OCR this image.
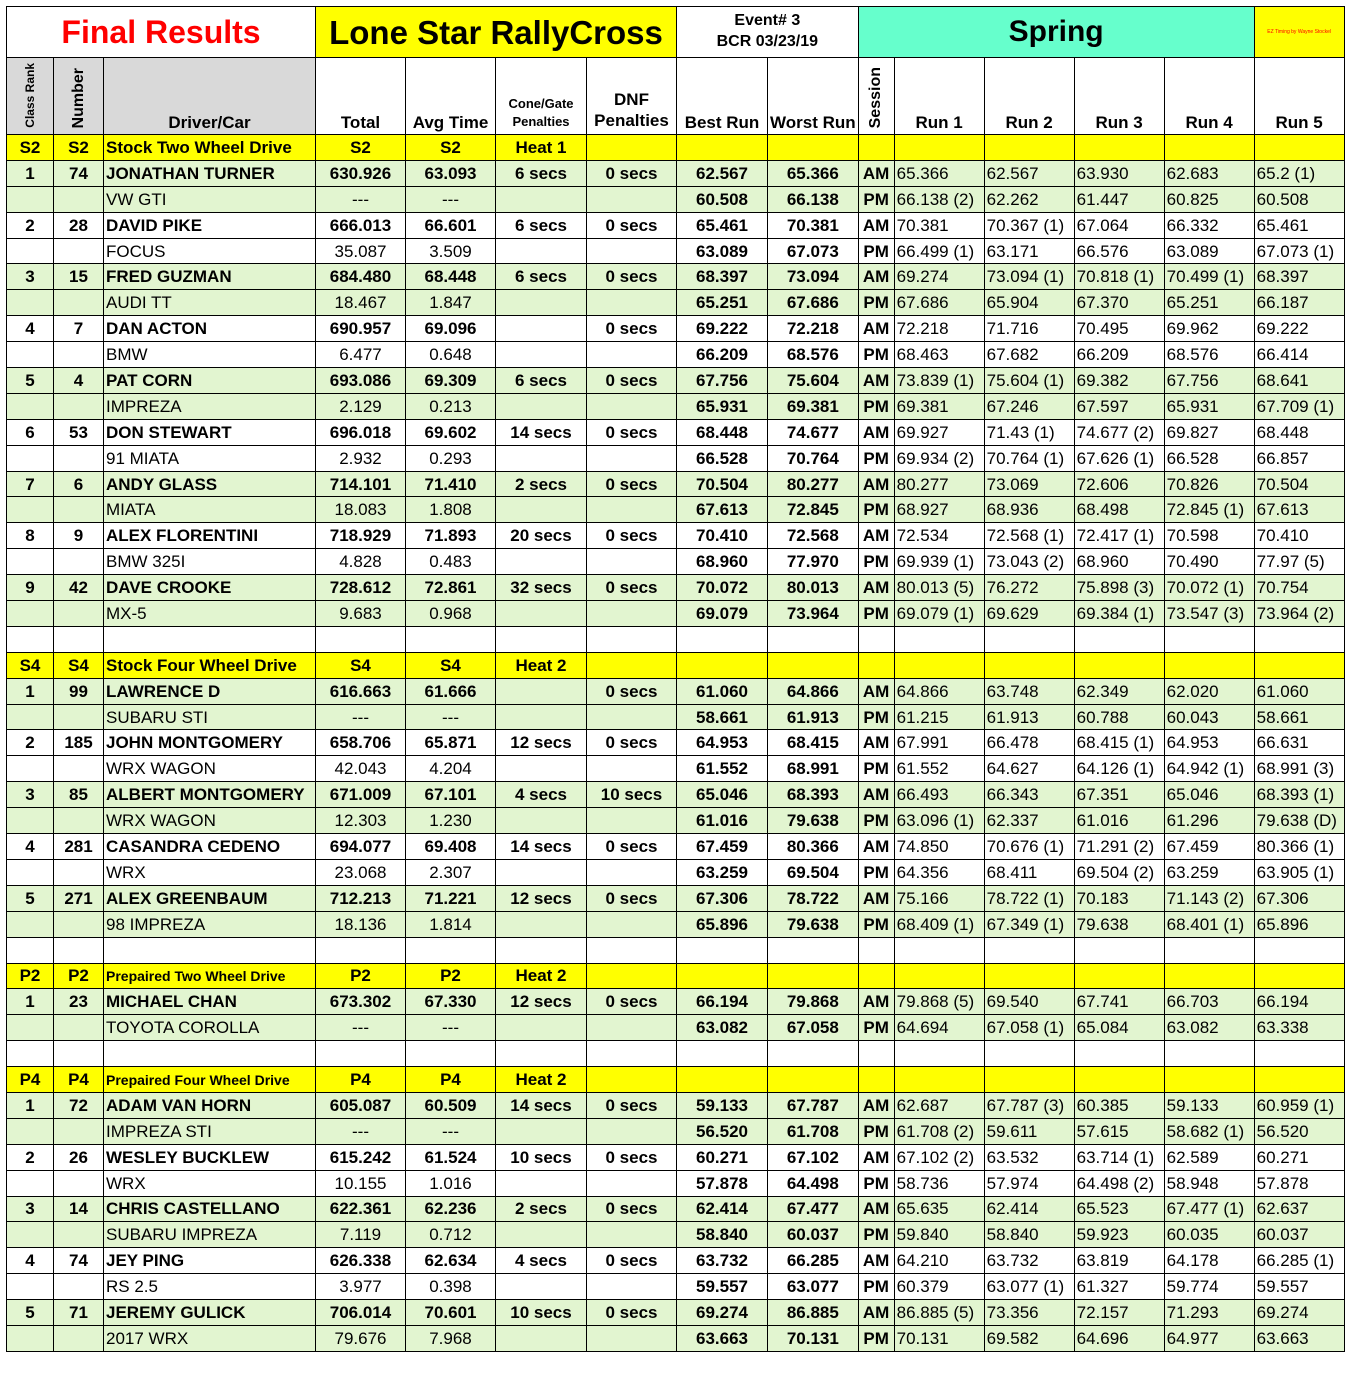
Final Results			Lone Star RallyCross				Event# 3
BCR 03/23/19		Spring					EZ Timing by Wayne Stockel
Class Rank	Number	Driver/Car	Total	Avg Time	Cone/Gate
Penalties	DNF
Penalties	Best Run	Worst Run	Session	Run 1	Run 2	Run 3	Run 4	Run 5
S2	S2	Stock Two Wheel Drive	S2	S2	Heat 1									
1	74	JONATHAN TURNER	630.926	63.093	6 secs	0 secs	62.567	65.366	AM	65.366	62.567	63.930	62.683	65.2 (1)
		VW GTI	---	---			60.508	66.138	PM	66.138 (2)	62.262	61.447	60.825	60.508
2	28	DAVID PIKE	666.013	66.601	6 secs	0 secs	65.461	70.381	AM	70.381	70.367 (1)	67.064	66.332	65.461
		FOCUS	35.087	3.509			63.089	67.073	PM	66.499 (1)	63.171	66.576	63.089	67.073 (1)
3	15	FRED GUZMAN	684.480	68.448	6 secs	0 secs	68.397	73.094	AM	69.274	73.094 (1)	70.818 (1)	70.499 (1)	68.397
		AUDI TT	18.467	1.847			65.251	67.686	PM	67.686	65.904	67.370	65.251	66.187
4	7	DAN ACTON	690.957	69.096		0 secs	69.222	72.218	AM	72.218	71.716	70.495	69.962	69.222
		BMW	6.477	0.648			66.209	68.576	PM	68.463	67.682	66.209	68.576	66.414
5	4	PAT CORN	693.086	69.309	6 secs	0 secs	67.756	75.604	AM	73.839 (1)	75.604 (1)	69.382	67.756	68.641
		IMPREZA	2.129	0.213			65.931	69.381	PM	69.381	67.246	67.597	65.931	67.709 (1)
6	53	DON STEWART	696.018	69.602	14 secs	0 secs	68.448	74.677	AM	69.927	71.43 (1)	74.677 (2)	69.827	68.448
		91 MIATA	2.932	0.293			66.528	70.764	PM	69.934 (2)	70.764 (1)	67.626 (1)	66.528	66.857
7	6	ANDY GLASS	714.101	71.410	2 secs	0 secs	70.504	80.277	AM	80.277	73.069	72.606	70.826	70.504
		MIATA	18.083	1.808			67.613	72.845	PM	68.927	68.936	68.498	72.845 (1)	67.613
8	9	ALEX FLORENTINI	718.929	71.893	20 secs	0 secs	70.410	72.568	AM	72.534	72.568 (1)	72.417 (1)	70.598	70.410
		BMW 325I	4.828	0.483			68.960	77.970	PM	69.939 (1)	73.043 (2)	68.960	70.490	77.97 (5)
9	42	DAVE CROOKE	728.612	72.861	32 secs	0 secs	70.072	80.013	AM	80.013 (5)	76.272	75.898 (3)	70.072 (1)	70.754
		MX-5	9.683	0.968			69.079	73.964	PM	69.079 (1)	69.629	69.384 (1)	73.547 (3)	73.964 (2)

S4	S4	Stock Four Wheel Drive	S4	S4	Heat 2									
1	99	LAWRENCE D	616.663	61.666		0 secs	61.060	64.866	AM	64.866	63.748	62.349	62.020	61.060
		SUBARU STI	---	---			58.661	61.913	PM	61.215	61.913	60.788	60.043	58.661
2	185	JOHN MONTGOMERY	658.706	65.871	12 secs	0 secs	64.953	68.415	AM	67.991	66.478	68.415 (1)	64.953	66.631
		WRX WAGON	42.043	4.204			61.552	68.991	PM	61.552	64.627	64.126 (1)	64.942 (1)	68.991 (3)
3	85	ALBERT MONTGOMERY	671.009	67.101	4 secs	10 secs	65.046	68.393	AM	66.493	66.343	67.351	65.046	68.393 (1)
		WRX WAGON	12.303	1.230			61.016	79.638	PM	63.096 (1)	62.337	61.016	61.296	79.638 (D)
4	281	CASANDRA CEDENO	694.077	69.408	14 secs	0 secs	67.459	80.366	AM	74.850	70.676 (1)	71.291 (2)	67.459	80.366 (1)
		WRX	23.068	2.307			63.259	69.504	PM	64.356	68.411	69.504 (2)	63.259	63.905 (1)
5	271	ALEX GREENBAUM	712.213	71.221	12 secs	0 secs	67.306	78.722	AM	75.166	78.722 (1)	70.183	71.143 (2)	67.306
		98 IMPREZA	18.136	1.814			65.896	79.638	PM	68.409 (1)	67.349 (1)	79.638	68.401 (1)	65.896

P2	P2	Prepaired Two Wheel Drive	P2	P2	Heat 2									
1	23	MICHAEL CHAN	673.302	67.330	12 secs	0 secs	66.194	79.868	AM	79.868 (5)	69.540	67.741	66.703	66.194
		TOYOTA COROLLA	---	---			63.082	67.058	PM	64.694	67.058 (1)	65.084	63.082	63.338

P4	P4	Prepaired Four Wheel Drive	P4	P4	Heat 2									
1	72	ADAM VAN HORN	605.087	60.509	14 secs	0 secs	59.133	67.787	AM	62.687	67.787 (3)	60.385	59.133	60.959 (1)
		IMPREZA STI	---	---			56.520	61.708	PM	61.708 (2)	59.611	57.615	58.682 (1)	56.520
2	26	WESLEY BUCKLEW	615.242	61.524	10 secs	0 secs	60.271	67.102	AM	67.102 (2)	63.532	63.714 (1)	62.589	60.271
		WRX	10.155	1.016			57.878	64.498	PM	58.736	57.974	64.498 (2)	58.948	57.878
3	14	CHRIS CASTELLANO	622.361	62.236	2 secs	0 secs	62.414	67.477	AM	65.635	62.414	65.523	67.477 (1)	62.637
		SUBARU IMPREZA	7.119	0.712			58.840	60.037	PM	59.840	58.840	59.923	60.035	60.037
4	74	JEY PING	626.338	62.634	4 secs	0 secs	63.732	66.285	AM	64.210	63.732	63.819	64.178	66.285 (1)
		RS 2.5	3.977	0.398			59.557	63.077	PM	60.379	63.077 (1)	61.327	59.774	59.557
5	71	JEREMY GULICK	706.014	70.601	10 secs	0 secs	69.274	86.885	AM	86.885 (5)	73.356	72.157	71.293	69.274
		2017 WRX	79.676	7.968			63.663	70.131	PM	70.131	69.582	64.696	64.977	63.663
